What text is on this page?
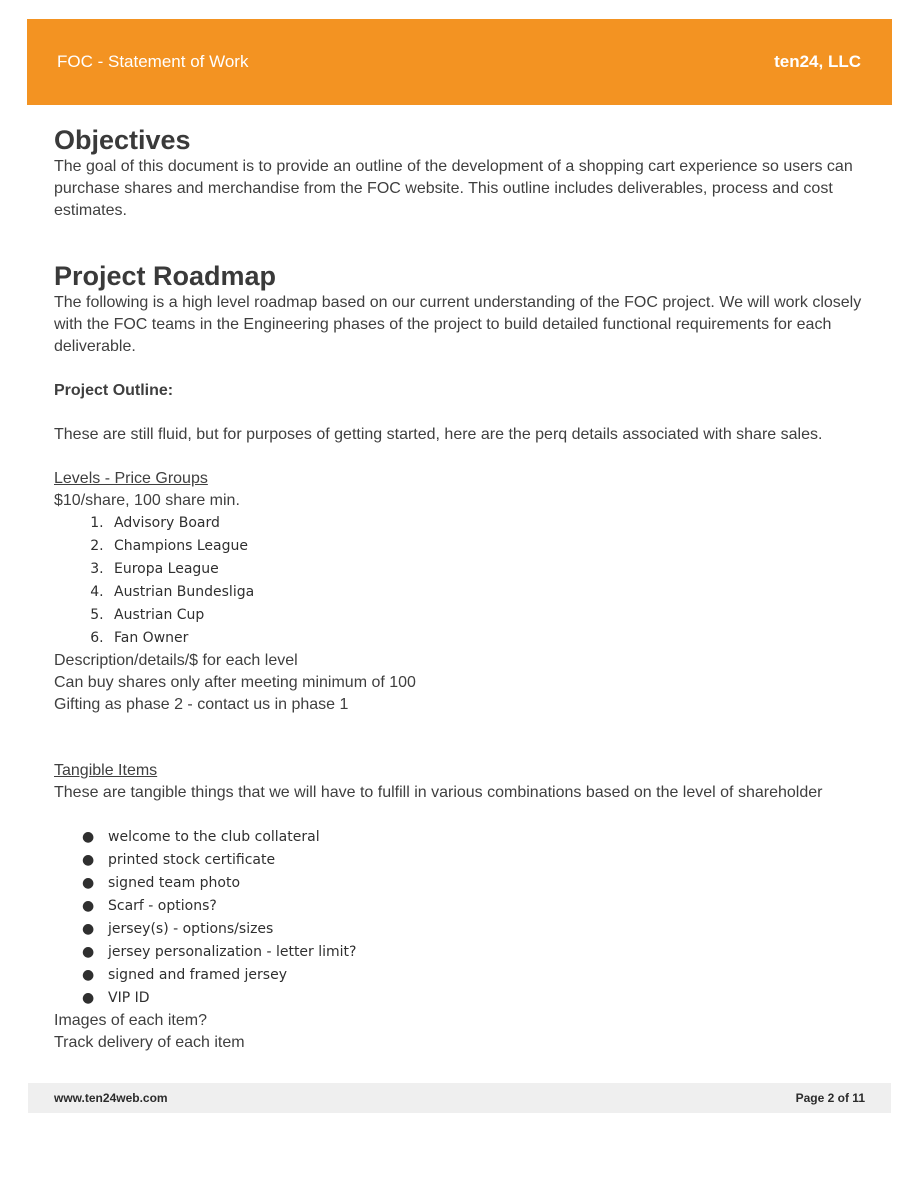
FOC - Statement of Work	ten24, LLC
Objectives

The goal of this document is to provide an outline of the development of a shopping cart experience so users can purchase shares and merchandise from the FOC website. This outline includes deliverables, process and cost estimates.

Project Roadmap

The following is a high level roadmap based on our current understanding of the FOC project. We will work closely with the FOC teams in the Engineering phases of the project to build detailed functional requirements for each deliverable.

Project Outline:

These are still fluid, but for purposes of getting started, here are the perq details associated with share sales.

Levels - Price Groups

$10/share, 100 share min.

1. Advisory Board
2. Champions League
3. Europa League
4. Austrian Bundesliga
5. Austrian Cup
6. Fan Owner

Description/details/$ for each level

Can buy shares only after meeting minimum of 100

Gifting as phase 2 - contact us in phase 1

Tangible Items

These are tangible things that we will have to fulfill in various combinations based on the level of shareholder

● welcome to the club collateral
● printed stock certificate
● signed team photo
● Scarf - options?
● jersey(s) - options/sizes
● jersey personalization - letter limit?
● signed and framed jersey
● VIP ID

Images of each item?

Track delivery of each item

www.ten24web.com	Page 2 of 11
